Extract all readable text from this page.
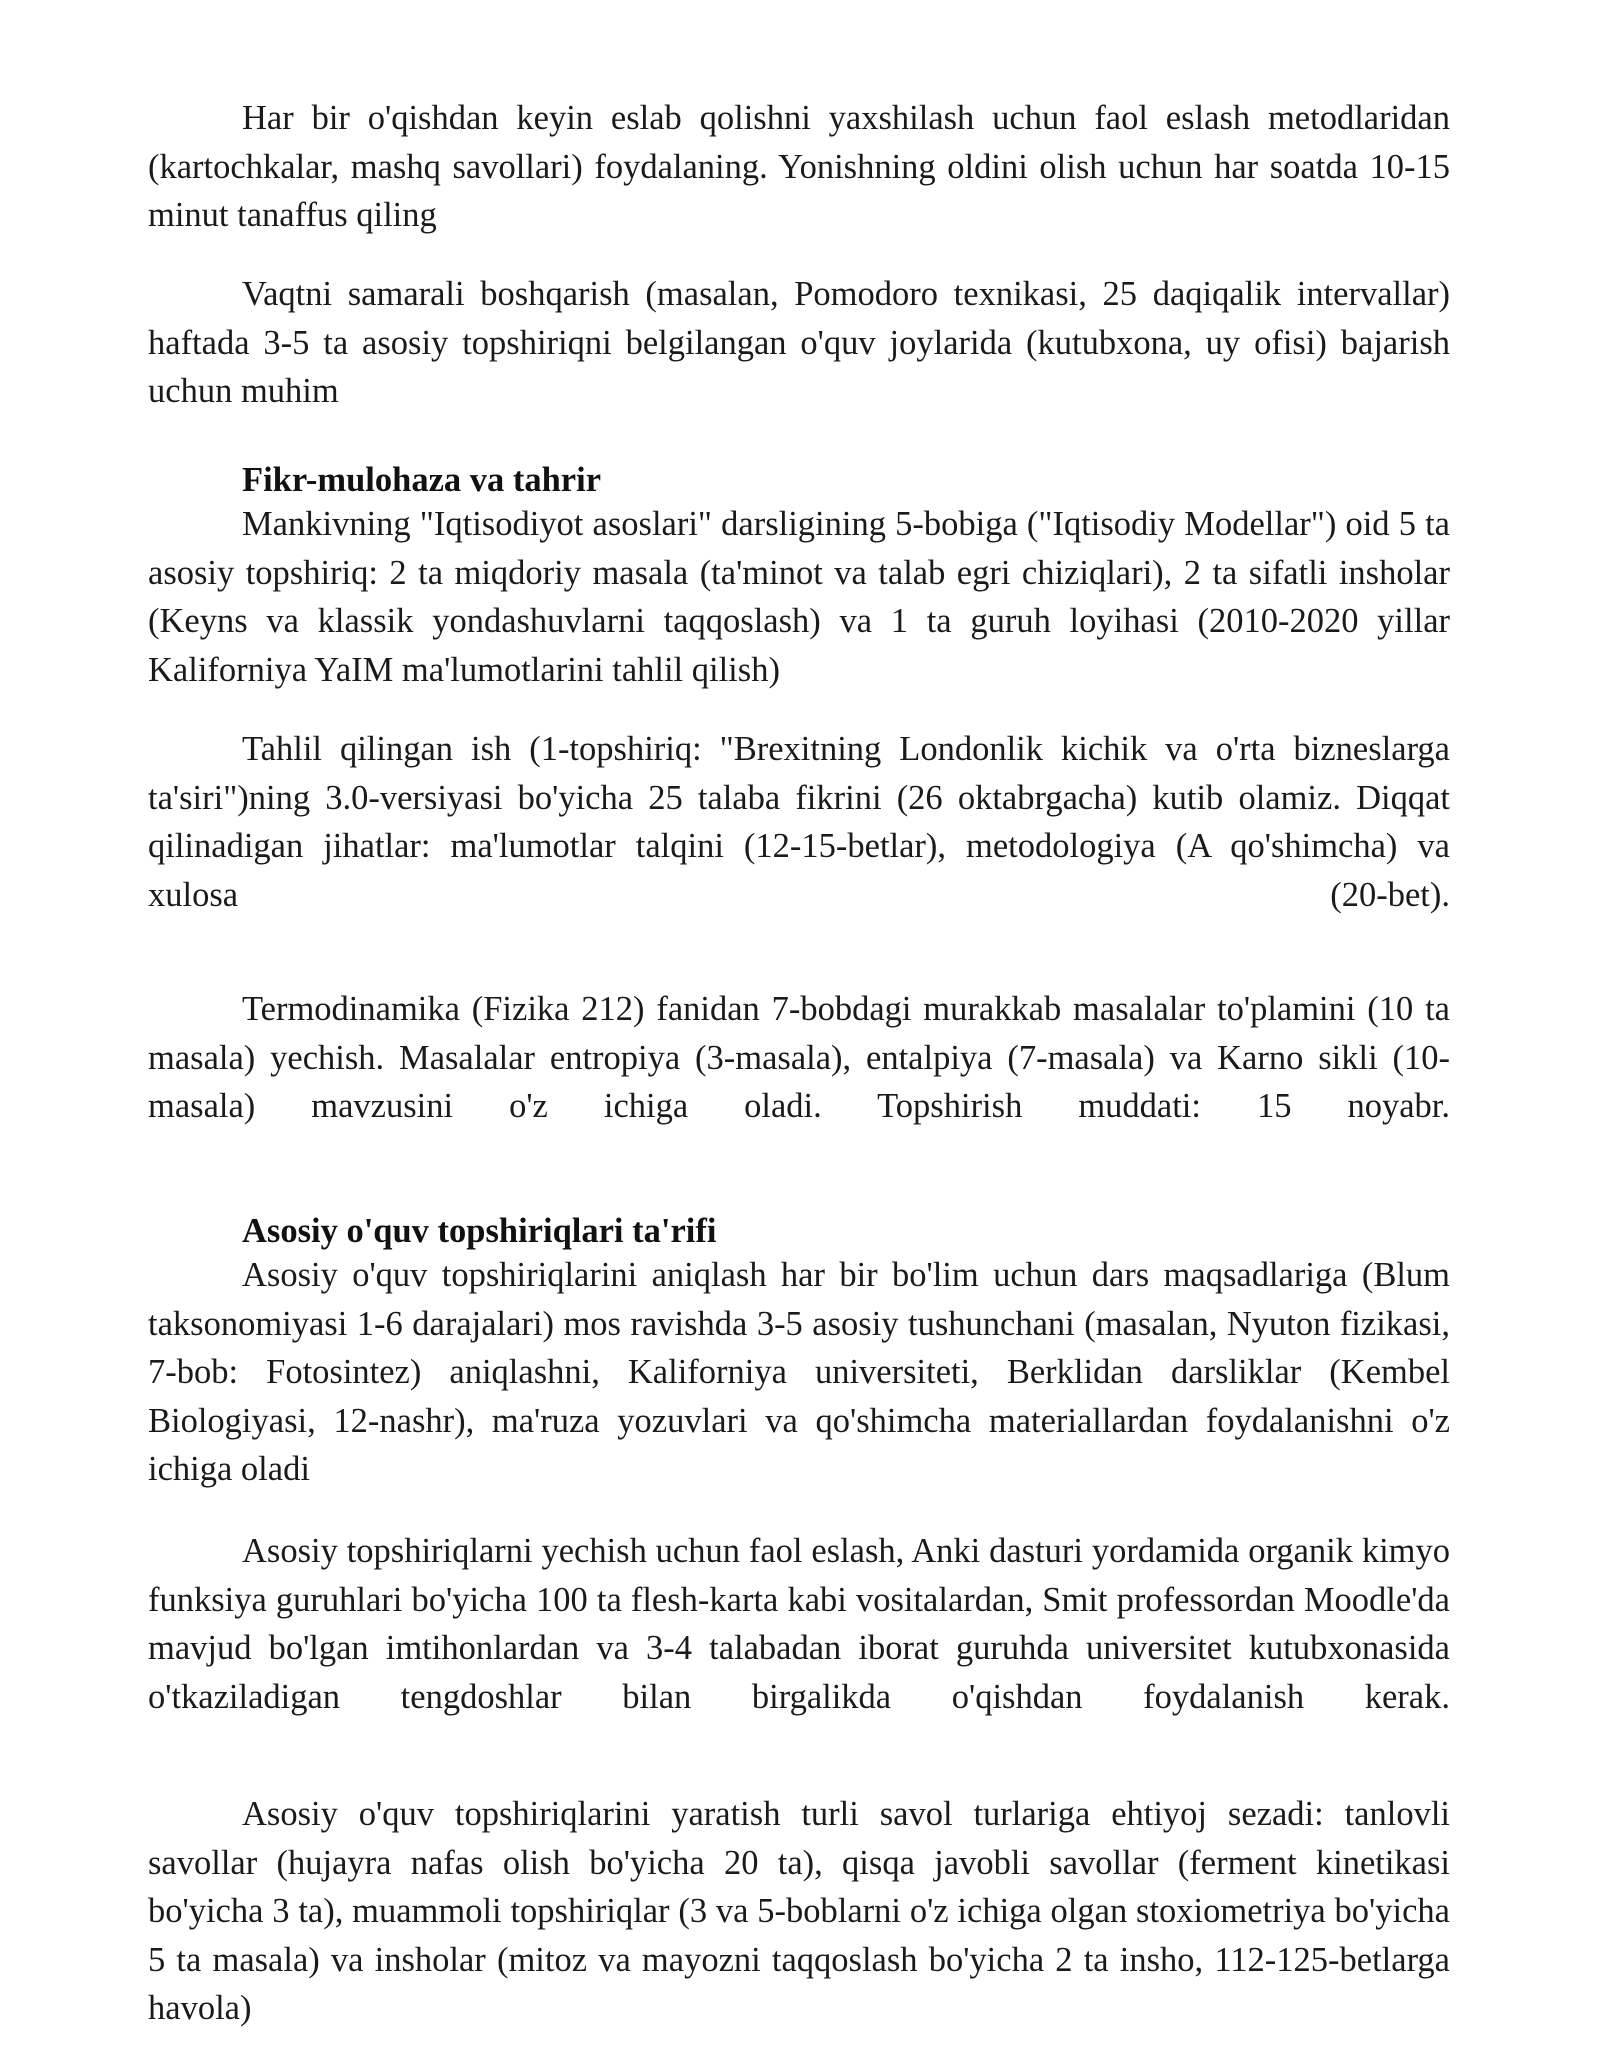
Har bir o'qishdan keyin eslab qolishni yaxshilash uchun faol eslash metodlaridan (kartochkalar, mashq savollari) foydalaning. Yonishning oldini olish uchun har soatda 10-15 minut tanaffus qiling

Vaqtni samarali boshqarish (masalan, Pomodoro texnikasi, 25 daqiqalik intervallar) haftada 3-5 ta asosiy topshiriqni belgilangan o'quv joylarida (kutubxona, uy ofisi) bajarish uchun muhim

Fikr-mulohaza va tahrir

Mankivning "Iqtisodiyot asoslari" darsligining 5-bobiga ("Iqtisodiy Modellar") oid 5 ta asosiy topshiriq: 2 ta miqdoriy masala (ta'minot va talab egri chiziqlari), 2 ta sifatli insholar (Keyns va klassik yondashuvlarni taqqoslash) va 1 ta guruh loyihasi (2010-2020 yillar Kaliforniya YaIM ma'lumotlarini tahlil qilish)

Tahlil qilingan ish (1-topshiriq: "Brexitning Londonlik kichik va o'rta bizneslarga ta'siri")ning 3.0-versiyasi bo'yicha 25 talaba fikrini (26 oktabrgacha) kutib olamiz. Diqqat qilinadigan jihatlar: ma'lumotlar talqini (12-15-betlar), metodologiya (A qo'shimcha) va xulosa (20-bet).

Termodinamika (Fizika 212) fanidan 7-bobdagi murakkab masalalar to'plamini (10 ta masala) yechish. Masalalar entropiya (3-masala), entalpiya (7-masala) va Karno sikli (10-masala) mavzusini o'z ichiga oladi. Topshirish muddati: 15 noyabr.

Asosiy o'quv topshiriqlari ta'rifi

Asosiy o'quv topshiriqlarini aniqlash har bir bo'lim uchun dars maqsadlariga (Blum taksonomiyasi 1-6 darajalari) mos ravishda 3-5 asosiy tushunchani (masalan, Nyuton fizikasi, 7-bob: Fotosintez) aniqlashni, Kaliforniya universiteti, Berklidan darsliklar (Kembel Biologiyasi, 12-nashr), ma'ruza yozuvlari va qo'shimcha materiallardan foydalanishni o'z ichiga oladi

Asosiy topshiriqlarni yechish uchun faol eslash, Anki dasturi yordamida organik kimyo funksiya guruhlari bo'yicha 100 ta flesh-karta kabi vositalardan, Smit professordan Moodle'da mavjud bo'lgan imtihonlardan va 3-4 talabadan iborat guruhda universitet kutubxonasida o'tkaziladigan tengdoshlar bilan birgalikda o'qishdan foydalanish kerak.

Asosiy o'quv topshiriqlarini yaratish turli savol turlariga ehtiyoj sezadi: tanlovli savollar (hujayra nafas olish bo'yicha 20 ta), qisqa javobli savollar (ferment kinetikasi bo'yicha 3 ta), muammoli topshiriqlar (3 va 5-boblarni o'z ichiga olgan stoxiometriya bo'yicha 5 ta masala) va insholar (mitoz va mayozni taqqoslash bo'yicha 2 ta insho, 112-125-betlarga havola)
